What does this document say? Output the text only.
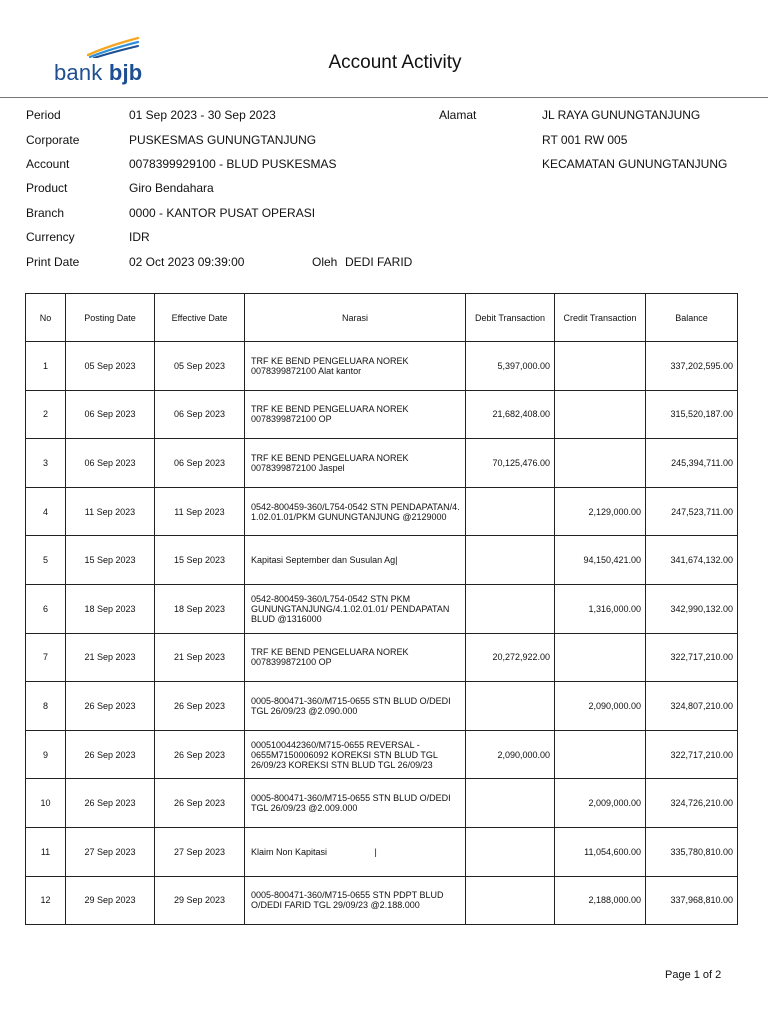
bank bjb	Account Activity
Period	01 Sep 2023 - 30 Sep 2023
Corporate	PUSKESMAS GUNUNGTANJUNG
Account	0078399929100 - BLUD PUSKESMAS
Product	Giro Bendahara
Branch	0000 - KANTOR PUSAT OPERASI
Currency	IDR
Print Date	02 Oct 2023 09:39:00	Oleh DEDI FARID
Alamat	JL RAYA GUNUNGTANJUNG
RT 001 RW 005
KECAMATAN GUNUNGTANJUNG
No	Posting Date	Effective Date	Narasi	Debit Transaction	Credit Transaction	Balance
1	05 Sep 2023	05 Sep 2023	TRF KE BEND PENGELUARA NOREK
0078399872100 Alat kantor	5,397,000.00		337,202,595.00
2	06 Sep 2023	06 Sep 2023	TRF KE BEND PENGELUARA NOREK
0078399872100 OP	21,682,408.00		315,520,187.00
3	06 Sep 2023	06 Sep 2023	TRF KE BEND PENGELUARA NOREK
0078399872100 Jaspel	70,125,476.00		245,394,711.00
4	11 Sep 2023	11 Sep 2023	0542-800459-360/L754-0542 STN PENDAPATAN/4.
1.02.01.01/PKM GUNUNGTANJUNG @2129000		2,129,000.00	247,523,711.00
5	15 Sep 2023	15 Sep 2023	Kapitasi September dan Susulan Ag|		94,150,421.00	341,674,132.00
6	18 Sep 2023	18 Sep 2023	0542-800459-360/L754-0542 STN PKM
GUNUNGTANJUNG/4.1.02.01.01/ PENDAPATAN
BLUD @1316000		1,316,000.00	342,990,132.00
7	21 Sep 2023	21 Sep 2023	TRF KE BEND PENGELUARA NOREK
0078399872100 OP	20,272,922.00		322,717,210.00
8	26 Sep 2023	26 Sep 2023	0005-800471-360/M715-0655 STN BLUD O/DEDI
TGL 26/09/23 @2.090.000		2,090,000.00	324,807,210.00
9	26 Sep 2023	26 Sep 2023	0005100442360/M715-0655 REVERSAL -
0655M7150006092 KOREKSI STN BLUD TGL
26/09/23 KOREKSI STN BLUD TGL 26/09/23	2,090,000.00		322,717,210.00
10	26 Sep 2023	26 Sep 2023	0005-800471-360/M715-0655 STN BLUD O/DEDI
TGL 26/09/23 @2.009.000		2,009,000.00	324,726,210.00
11	27 Sep 2023	27 Sep 2023	Klaim Non Kapitasi                   |		11,054,600.00	335,780,810.00
12	29 Sep 2023	29 Sep 2023	0005-800471-360/M715-0655 STN PDPT BLUD
O/DEDI FARID TGL 29/09/23 @2.188.000		2,188,000.00	337,968,810.00
Page 1 of 2
